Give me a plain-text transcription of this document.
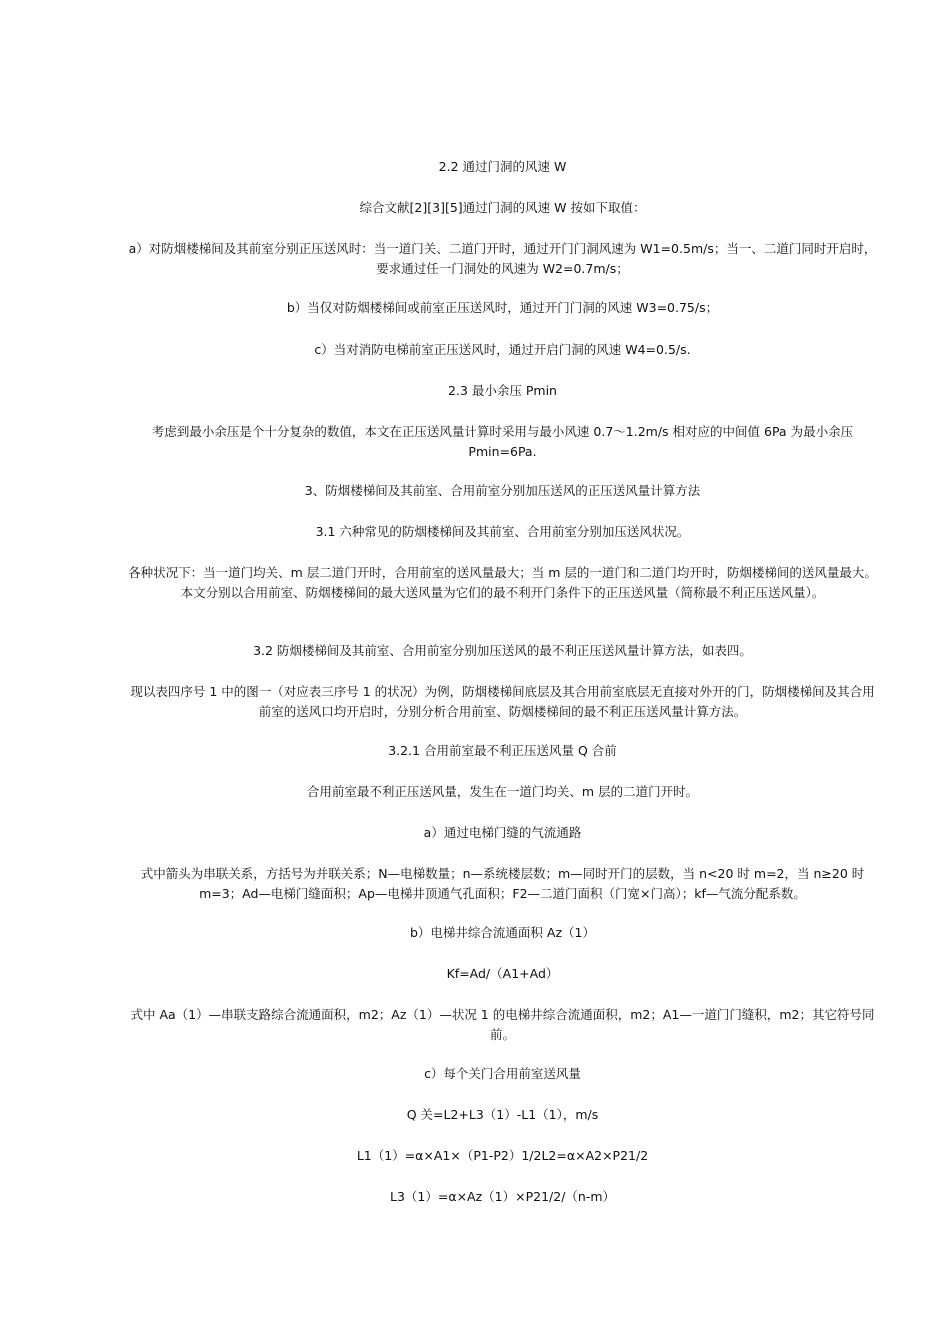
2.2 通过门洞的风速 W

综合文献[2][3][5]通过门洞的风速 W 按如下取值：

a）对防烟楼梯间及其前室分别正压送风时：当一道门关、二道门开时，通过开门门洞风速为 W1=0.5m/s；当一、二道门同时开启时，要求通过任一门洞处的风速为 W2=0.7m/s；

b）当仅对防烟楼梯间或前室正压送风时，通过开门门洞的风速 W3=0.75/s；

c）当对消防电梯前室正压送风时，通过开启门洞的风速 W4=0.5/s.

2.3 最小余压 Pmin

考虑到最小余压是个十分复杂的数值，本文在正压送风量计算时采用与最小风速 0.7～1.2m/s 相对应的中间值 6Pa 为最小余压 Pmin=6Pa.

3、防烟楼梯间及其前室、合用前室分别加压送风的正压送风量计算方法

3.1 六种常见的防烟楼梯间及其前室、合用前室分别加压送风状况。

各种状况下：当一道门均关、m 层二道门开时，合用前室的送风量最大；当 m 层的一道门和二道门均开时，防烟楼梯间的送风量最大。本文分别以合用前室、防烟楼梯间的最大送风量为它们的最不利开门条件下的正压送风量（简称最不利正压送风量）。

3.2 防烟楼梯间及其前室、合用前室分别加压送风的最不利正压送风量计算方法，如表四。

现以表四序号 1 中的图一（对应表三序号 1 的状况）为例，防烟楼梯间底层及其合用前室底层无直接对外开的门，防烟楼梯间及其合用前室的送风口均开启时，分别分析合用前室、防烟楼梯间的最不利正压送风量计算方法。

3.2.1 合用前室最不利正压送风量 Q 合前

合用前室最不利正压送风量，发生在一道门均关、m 层的二道门开时。

a）通过电梯门缝的气流通路

式中箭头为串联关系，方括号为并联关系；N—电梯数量；n—系统楼层数；m—同时开门的层数，当 n<20 时 m=2，当 n≥20 时 m=3；Ad—电梯门缝面积；Ap—电梯井顶通气孔面积；F2—二道门面积（门宽×门高）；kf—气流分配系数。

b）电梯井综合流通面积 Az（1）

Kf=Ad/（A1+Ad）

式中 Aa（1）—串联支路综合流通面积，m2；Az（1）—状况 1 的电梯井综合流通面积，m2；A1—一道门门缝积，m2；其它符号同前。

c）每个关门合用前室送风量

Q 关=L2+L3（1）-L1（1），m/s

L1（1）=α×A1×（P1-P2）1/2L2=α×A2×P21/2

L3（1）=α×Az（1）×P21/2/（n-m）
